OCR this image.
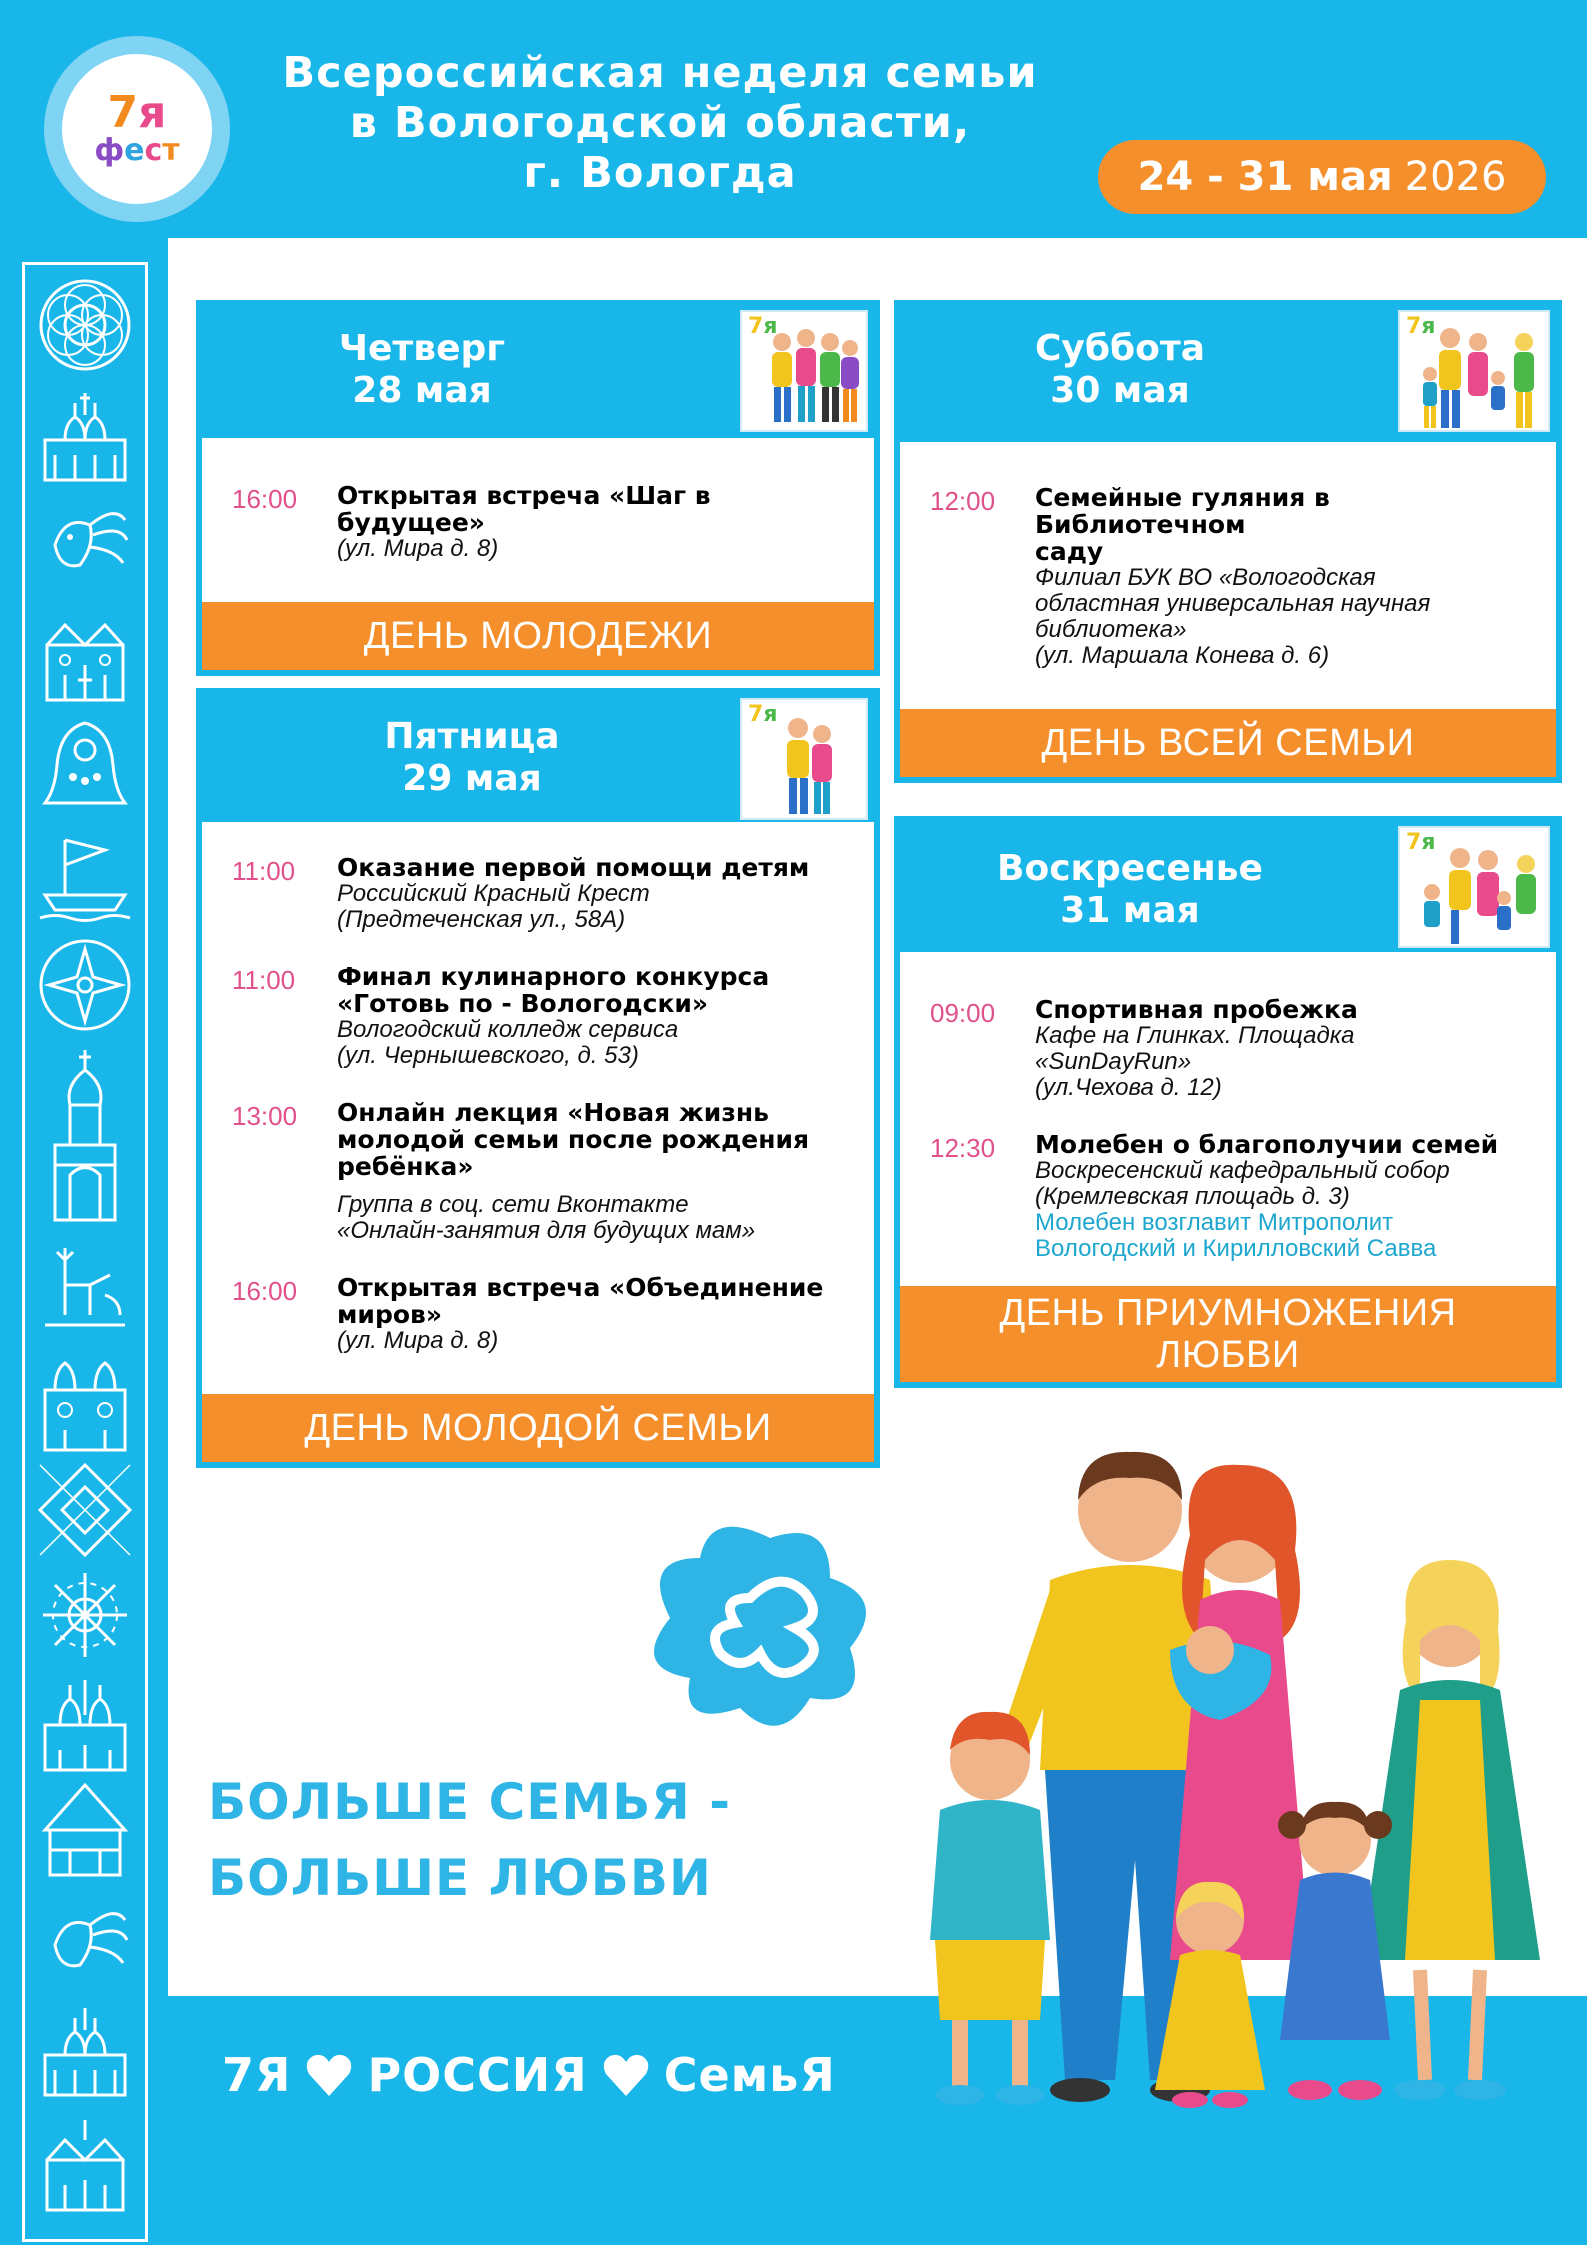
7я
фест
Всероссийская неделя семьи
в Вологодской области,
г. Вологда	24 - 31 мая 2026
Четверг
28 мая
7я
16:00	Открытая встреча «Шаг в будущее»
(ул. Мира д. 8)
ДЕНЬ МОЛОДЕЖИ
Пятница
29 мая
7я
11:00	Оказание первой помощи детям
Российский Красный Крест
(Предтеченская ул., 58А)
11:00	Финал кулинарного конкурса
«Готовь по - Вологодски»
Вологодский колледж сервиса
(ул. Чернышевского, д. 53)
13:00	Онлайн лекция «Новая жизнь
молодой семьи после рождения
ребёнка»
Группа в соц. сети Вконтакте
«Онлайн-занятия для будущих мам»
16:00	Открытая встреча «Объединение
миров»
(ул. Мира д. 8)
ДЕНЬ МОЛОДОЙ СЕМЬИ
Суббота
30 мая
7я
12:00	Семейные гуляния в Библиотечном
саду
Филиал БУК ВО «Вологодская
областная универсальная научная
библиотека»
(ул. Маршала Конева д. 6)
ДЕНЬ ВСЕЙ СЕМЬИ
Воскресенье
31 мая
7я
09:00	Спортивная пробежка
Кафе на Глинках. Площадка
«SunDayRun»
(ул.Чехова д. 12)
12:30	Молебен о благополучии семей
Воскресенский кафедральный собор
(Кремлевская площадь д. 3)
Молебен возглавит Митрополит
Вологодский и Кирилловский Савва
ДЕНЬ ПРИУМНОЖЕНИЯ
ЛЮБВИ
БОЛЬШЕ СЕМЬЯ -
БОЛЬШЕ ЛЮБВИ
7Я РОССИЯ СемьЯ
